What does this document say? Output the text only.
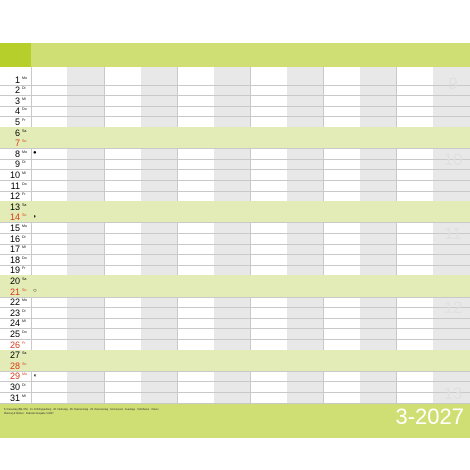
1 Mo
2 Di
3 Mi
4 Do
5 Fr
6 Sa
7 So
8 Mo
9 Di
10 Mi
11 Do
12 Fr
13 Sa
14 So
15 Mo
16 Di
17 Mi
18 Do
19 Fr
20 Sa
21 So
22 Mo
23 Di
24 Mi
25 Do
26 Fr
27 Sa
28 So
29 Mo
30 Di
31 Mi
●
◗
○
◖
9
10
11
12
13
8. Frauentag (BE, MV) · 21. Frühlingsanfang · 26. Karfreitag · 28. Ostersonntag · 29. Ostermontag · Sommerzeit · Feiertage · Schulferien · Ostern
Planung & Notizen · Kalender Ausgabe 3-2027	3-2027
